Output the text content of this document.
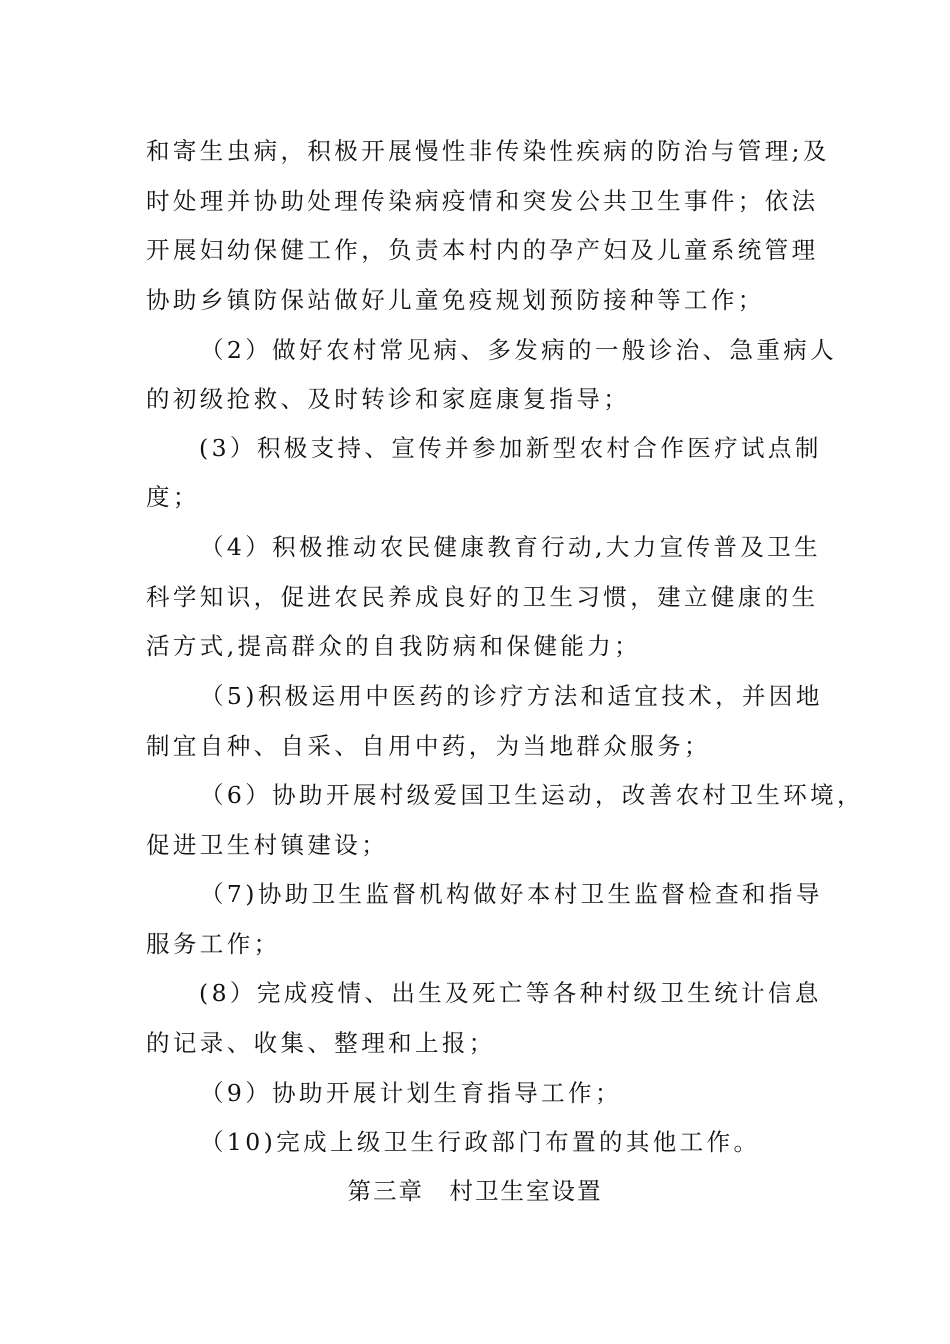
和寄生虫病，积极开展慢性非传染性疾病的防治与管理;及
时处理并协助处理传染病疫情和突发公共卫生事件；依法
开展妇幼保健工作，负责本村内的孕产妇及儿童系统管理
协助乡镇防保站做好儿童免疫规划预防接种等工作；
（2）做好农村常见病、多发病的一般诊治、急重病人
的初级抢救、及时转诊和家庭康复指导；
(3）积极支持、宣传并参加新型农村合作医疗试点制
度；
（4）积极推动农民健康教育行动,大力宣传普及卫生
科学知识，促进农民养成良好的卫生习惯，建立健康的生
活方式,提高群众的自我防病和保健能力；
（5)积极运用中医药的诊疗方法和适宜技术，并因地
制宜自种、自采、自用中药，为当地群众服务；
（6）协助开展村级爱国卫生运动，改善农村卫生环境，
促进卫生村镇建设；
（7)协助卫生监督机构做好本村卫生监督检查和指导
服务工作；
(8）完成疫情、出生及死亡等各种村级卫生统计信息
的记录、收集、整理和上报；
（9）协助开展计划生育指导工作；
（10)完成上级卫生行政部门布置的其他工作。
第三章　村卫生室设置
